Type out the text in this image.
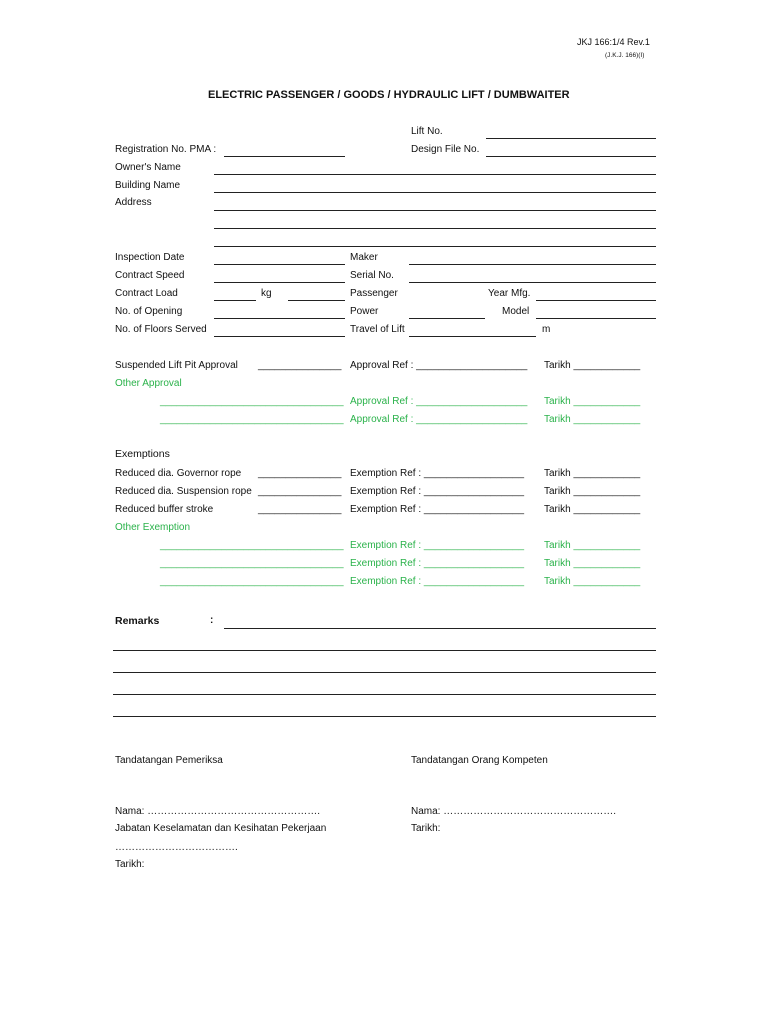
JKJ 166:1/4 Rev.1
(J.K.J. 166)(I)
ELECTRIC PASSENGER / GOODS / HYDRAULIC LIFT / DUMBWAITER
Lift No.
Registration No. PMA :	Design File No.
Owner's Name
Building Name
Address
Inspection Date	Maker
Contract Speed	Serial No.
Contract Load	kg	Passenger	Year Mfg.
No. of Opening	Power	Model
No. of Floors Served	Travel of Lift	m
Suspended Lift Pit Approval _______________ Approval Ref : ____________________ Tarikh ____________
Other Approval
_________________________________ Approval Ref : ____________________ Tarikh ____________
_________________________________ Approval Ref : ____________________ Tarikh ____________
Exemptions
Reduced dia. Governor rope _______________ Exemption Ref : __________________ Tarikh ____________
Reduced dia. Suspension rope _______________ Exemption Ref : __________________ Tarikh ____________
Reduced buffer stroke	_______________ Exemption Ref : __________________ Tarikh ____________
Other Exemption
_________________________________ Exemption Ref : __________________ Tarikh ____________
_________________________________ Exemption Ref : __________________ Tarikh ____________
_________________________________ Exemption Ref : __________________ Tarikh ____________
Remarks	:
Tandatangan Pemeriksa	Tandatangan Orang Kompeten
Nama: …………………………………………….	Nama: …………………………………………….
Jabatan Keselamatan dan Kesihatan Pekerjaan	Tarikh:
……………………………….
Tarikh:
